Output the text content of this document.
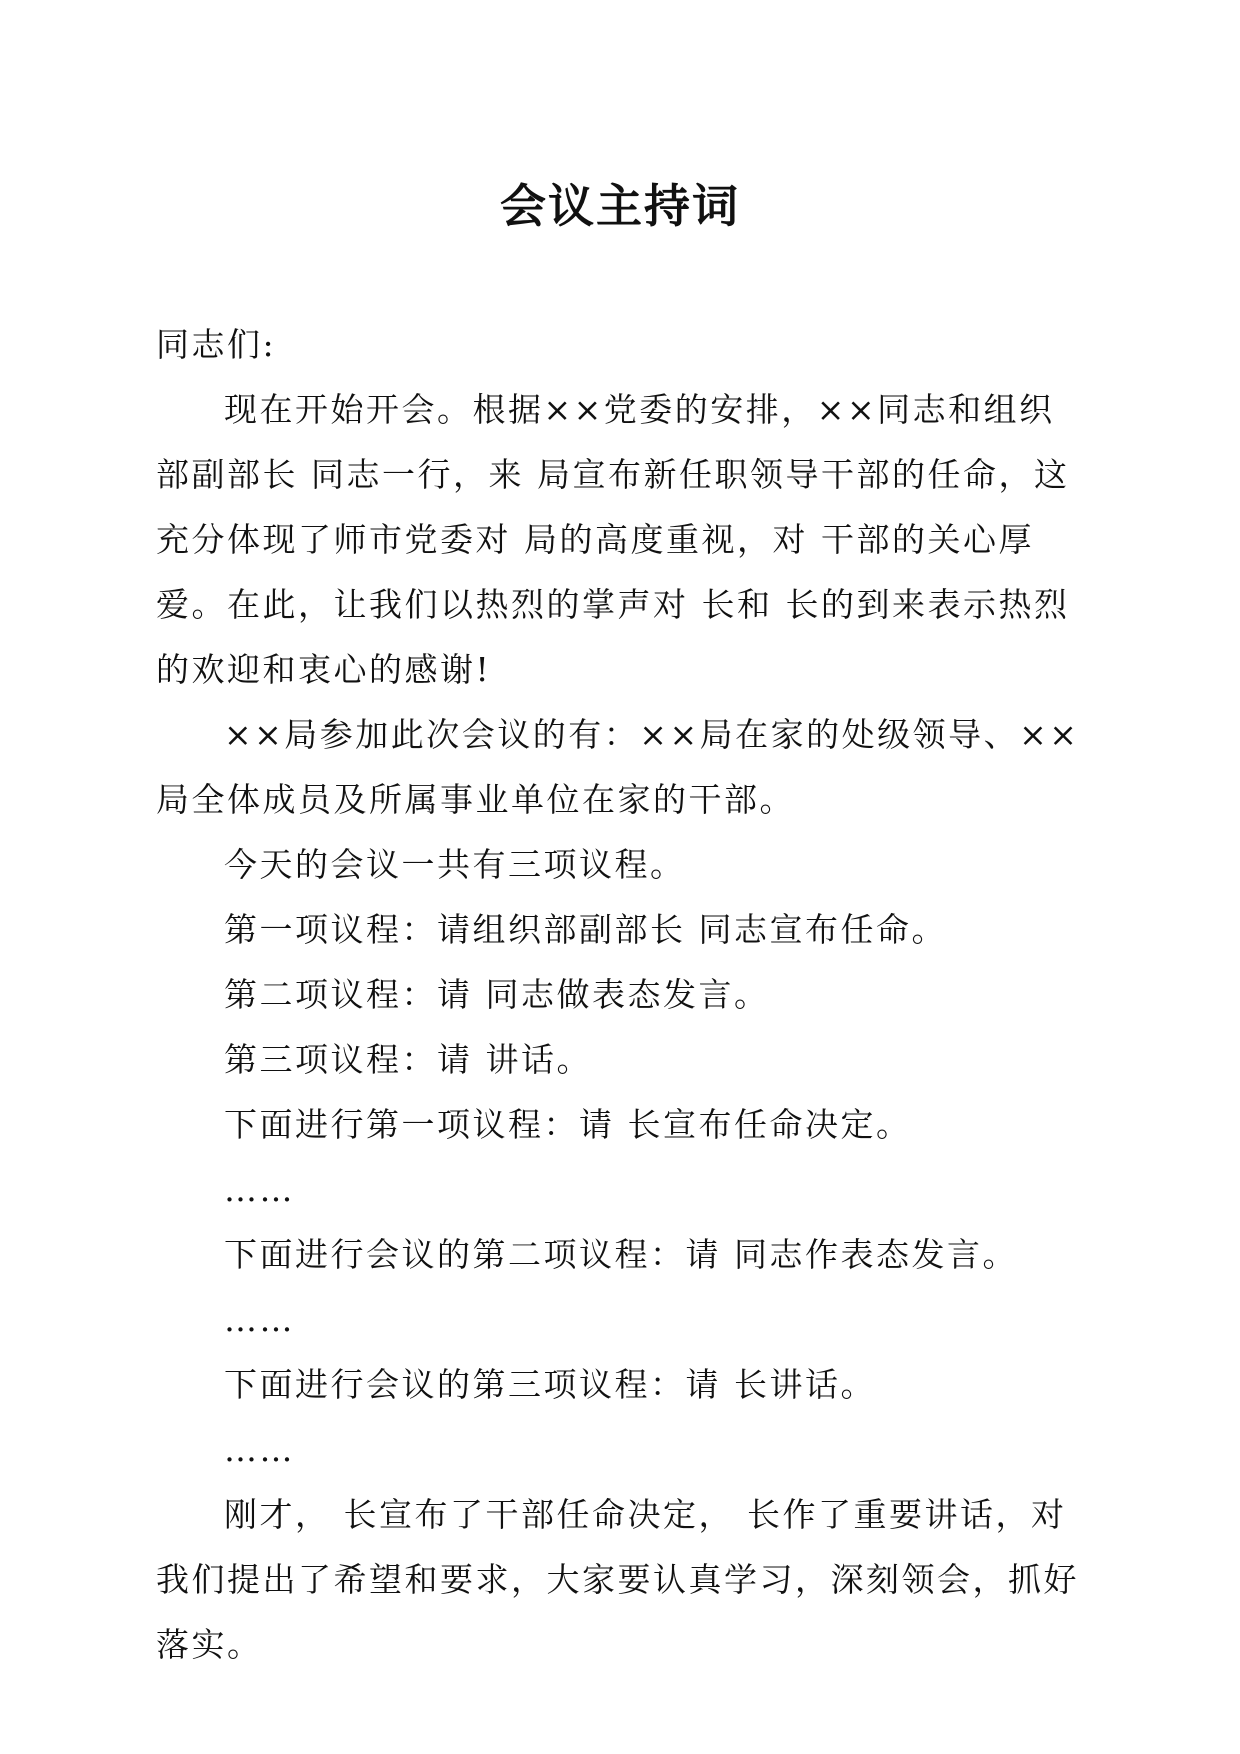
会议主持词

同志们:

现在开始开会。根据××党委的安排，××同志和组织部副部长 同志一行，来 局宣布新任职领导干部的任命，这充分体现了师市党委对 局的高度重视，对 干部的关心厚爱。在此，让我们以热烈的掌声对 长和 长的到来表示热烈的欢迎和衷心的感谢!

××局参加此次会议的有：××局在家的处级领导、××局全体成员及所属事业单位在家的干部。

今天的会议一共有三项议程。

第一项议程：请组织部副部长 同志宣布任命。

第二项议程：请 同志做表态发言。

第三项议程：请 讲话。

下面进行第一项议程：请 长宣布任命决定。

……

下面进行会议的第二项议程：请 同志作表态发言。

……

下面进行会议的第三项议程：请 长讲话。

……

刚才， 长宣布了干部任命决定， 长作了重要讲话，对我们提出了希望和要求，大家要认真学习，深刻领会，抓好落实。
